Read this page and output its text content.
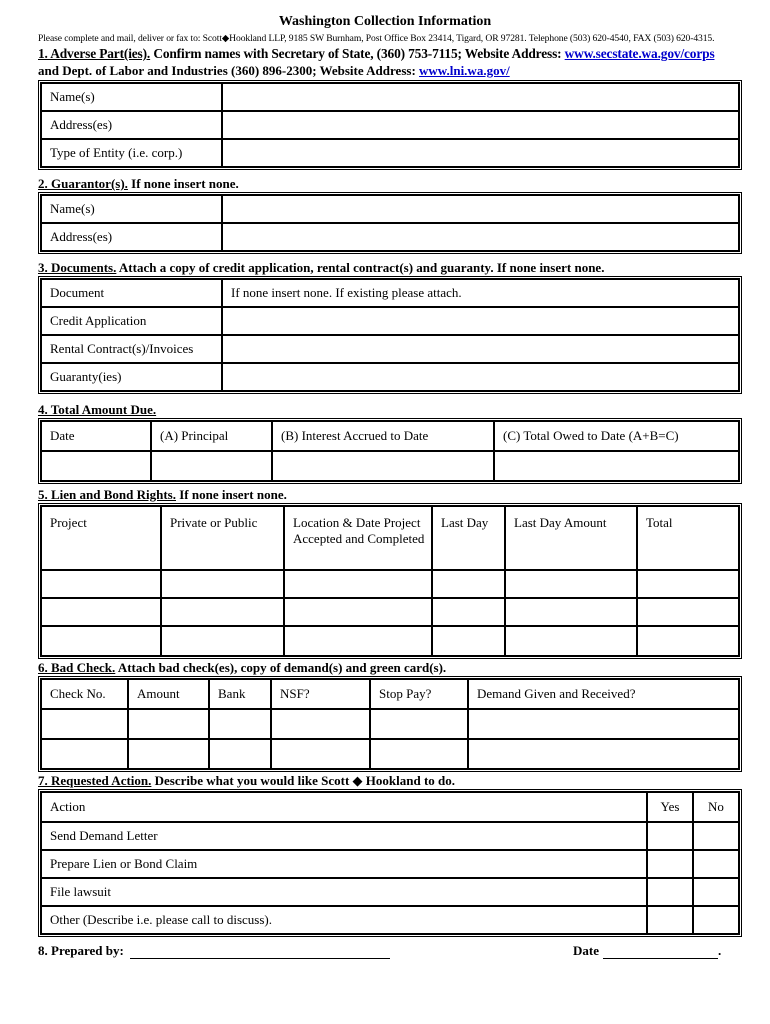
Washington Collection Information
Please complete and mail, deliver or fax to: Scott◆Hookland LLP, 9185 SW Burnham, Post Office Box 23414, Tigard, OR 97281. Telephone (503) 620-4540, FAX (503) 620-4315.
1. Adverse Part(ies). Confirm names with Secretary of State, (360) 753-7115; Website Address: www.secstate.wa.gov/corps
and Dept. of Labor and Industries (360) 896-2300; Website Address: www.lni.wa.gov/
Name(s)	
Address(es)	
Type of Entity (i.e. corp.)	
2. Guarantor(s). If none insert none.
Name(s)	
Address(es)	
3. Documents. Attach a copy of credit application, rental contract(s) and guaranty. If none insert none.
Document	If none insert none. If existing please attach.
Credit Application	
Rental Contract(s)/Invoices	
Guaranty(ies)	
4. Total Amount Due.
Date	(A) Principal	(B) Interest Accrued to Date	(C) Total Owed to Date (A+B=C)

5. Lien and Bond Rights. If none insert none.
Project	Private or Public	Location & Date Project Accepted and Completed	Last Day	Last Day Amount	Total

6. Bad Check. Attach bad check(es), copy of demand(s) and green card(s).
Check No.	Amount	Bank	NSF?	Stop Pay?	Demand Given and Received?

7. Requested Action. Describe what you would like Scott ◆ Hookland to do.
Action	Yes	No
Send Demand Letter		
Prepare Lien or Bond Claim		
File lawsuit		
Other (Describe i.e. please call to discuss).		
8. Prepared by:	Date	.
